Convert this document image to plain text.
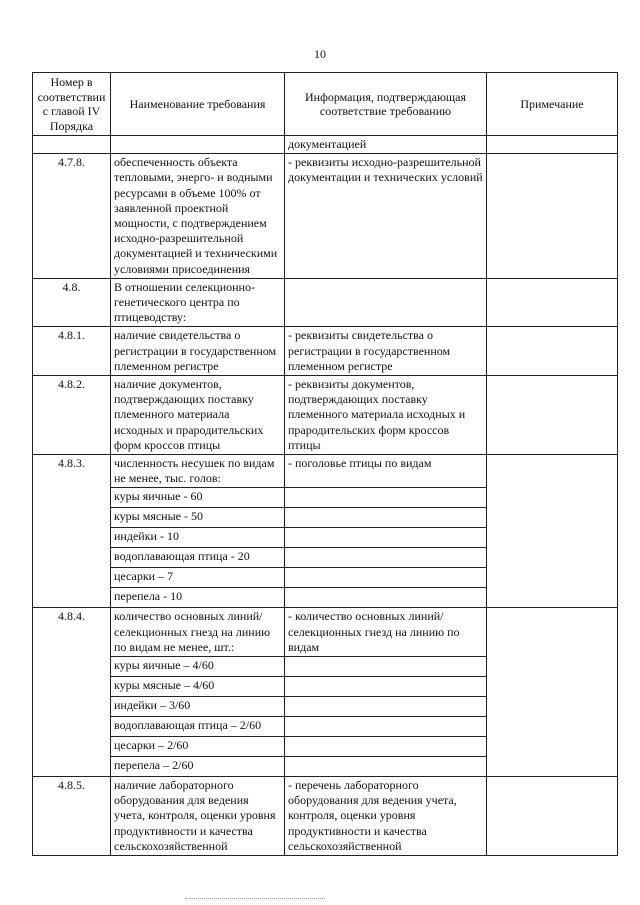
10
Номер в соответствии с главой IV Порядка	Наименование требования	Информация, подтверждающая соответствие требованию	Примечание
		документацией	
4.7.8.	обеспеченность объекта тепловыми, энерго- и водными ресурсами в объеме 100% от заявленной проектной мощности, с подтверждением исходно-разрешительной документацией и техническими условиями присоединения	- реквизиты исходно-разрешительной документации и технических условий	
4.8.	В отношении селекционно-генетического центра по птицеводству:		
4.8.1.	наличие свидетельства о регистрации в государственном племенном регистре	- реквизиты свидетельства о регистрации в государственном племенном регистре	
4.8.2.	наличие документов, подтверждающих поставку племенного материала исходных и прародительских форм кроссов птицы	- реквизиты документов, подтверждающих поставку племенного материала исходных и прародительских форм кроссов птицы	
4.8.3.	численность несушек по видам не менее, тыс. голов:	- поголовье птицы по видам	
	куры яичные - 60		
	куры мясные - 50		
	индейки - 10		
	водоплавающая птица - 20		
	цесарки – 7		
	перепела - 10		
4.8.4.	количество основных линий/селекционных гнезд на линию по видам не менее, шт.:	- количество основных линий/селекционных гнезд на линию по видам	
	куры яичные – 4/60		
	куры мясные – 4/60		
	индейки – 3/60		
	водоплавающая птица – 2/60		
	цесарки – 2/60		
	перепела – 2/60		
4.8.5.	наличие лабораторного оборудования для ведения учета, контроля, оценки уровня продуктивности и качества сельскохозяйственной	- перечень лабораторного оборудования для ведения учета, контроля, оценки уровня продуктивности и качества сельскохозяйственной	
